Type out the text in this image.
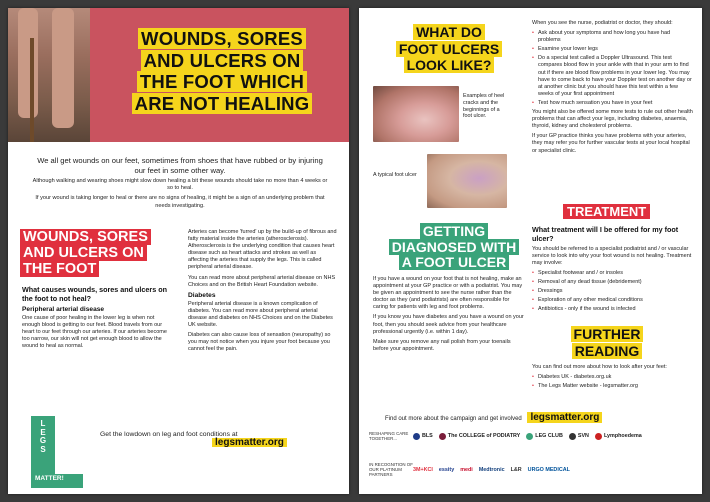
WOUNDS, SORES
AND ULCERS ON
THE FOOT WHICH
ARE NOT HEALING

We all get wounds on our feet, sometimes from shoes that have rubbed or by injuring our feet in some other way.

Although walking and wearing shoes might slow down healing a bit these wounds should take no more than 4 weeks or so to heal.

If your wound is taking longer to heal or there are no signs of healing, it might be a sign of an underlying problem that needs investigating.

WOUNDS, SORES
AND ULCERS ON
THE FOOT
What causes wounds, sores and ulcers on the foot to not heal?
Peripheral arterial disease

One cause of poor healing in the lower leg is when not enough blood is getting to our feet. Blood travels from our heart to our feet through our arteries. If our arteries become too narrow, our skin will not get enough blood to allow the wound to heal as normal.

Arteries can become 'furred' up by the build-up of fibrous and fatty material inside the arteries (atherosclerosis). Atherosclerosis is the underlying condition that causes heart disease such as heart attacks and strokes as well as affecting the arteries that supply the legs. This is called peripheral arterial disease.

You can read more about peripheral arterial disease on NHS Choices and on the British Heart Foundation website.

Diabetes

Peripheral arterial disease is a known complication of diabetes. You can read more about peripheral arterial disease and diabetes on NHS Choices and on the Diabetes UK website.

Diabetes can also cause loss of sensation (neuropathy) so you may not notice when you injure your foot because you cannot feel the pain.

L
E
G
S
MATTER!
Get the lowdown on leg and foot conditions at
legsmatter.org
WHAT DO
FOOT ULCERS
LOOK LIKE?
Examples of heel cracks and the beginnings of a foot ulcer.
A typical foot ulcer

When you see the nurse, podiatrist or doctor, they should:

• Ask about your symptoms and how long you have had problems
• Examine your lower legs
• Do a special test called a Doppler Ultrasound. This test compares blood flow in your ankle with that in your arm to find out if there are blood flow problems in your lower leg. You may have to come back to have your Doppler test on another day or at another clinic but you should have this test within a few weeks of your first appointment
• Test how much sensation you have in your feet

You might also be offered some more tests to rule out other health problems that can affect your legs, including diabetes, anaemia, thyroid, kidney and cholesterol problems.

If your GP practice thinks you have problems with your arteries, they may refer you for further vascular tests at your local hospital or specialist clinic.

GETTING
DIAGNOSED WITH
A FOOT ULCER

If you have a wound on your foot that is not healing, make an appointment at your GP practice or with a podiatrist. You may be given an appointment to see the nurse rather than the doctor as they (and podiatrists) are often responsible for caring for patients with leg and foot problems.

If you know you have diabetes and you have a wound on your foot, then you should seek advice from your healthcare professional urgently (i.e. within 1 day).

Make sure you remove any nail polish from your toenails before your appointment.

TREATMENT
What treatment will I be offered for my foot ulcer?

You should be referred to a specialist podiatrist and / or vascular service to look into why your foot wound is not healing. Treatment may involve:

• Specialist footwear and / or insoles
• Removal of any dead tissue (debridement)
• Dressings
• Exploration of any other medical conditions
• Antibiotics - only if the wound is infected
FURTHER
READING

You can find out more about how to look after your feet:

• Diabetes UK - diabetes.org.uk
• The Legs Matter website - legsmatter.org
Find out more about the campaign and get involved legsmatter.org
RESHAPING CARE TOGETHER...	BLS	The COLLEGE of PODIATRY	LEG CLUB	SVN	Lymphoedema
IN RECOGNITION OF OUR PLATINUM PARTNERS
3M+KCI essity medi Medtronic L&R URGO MEDICAL
